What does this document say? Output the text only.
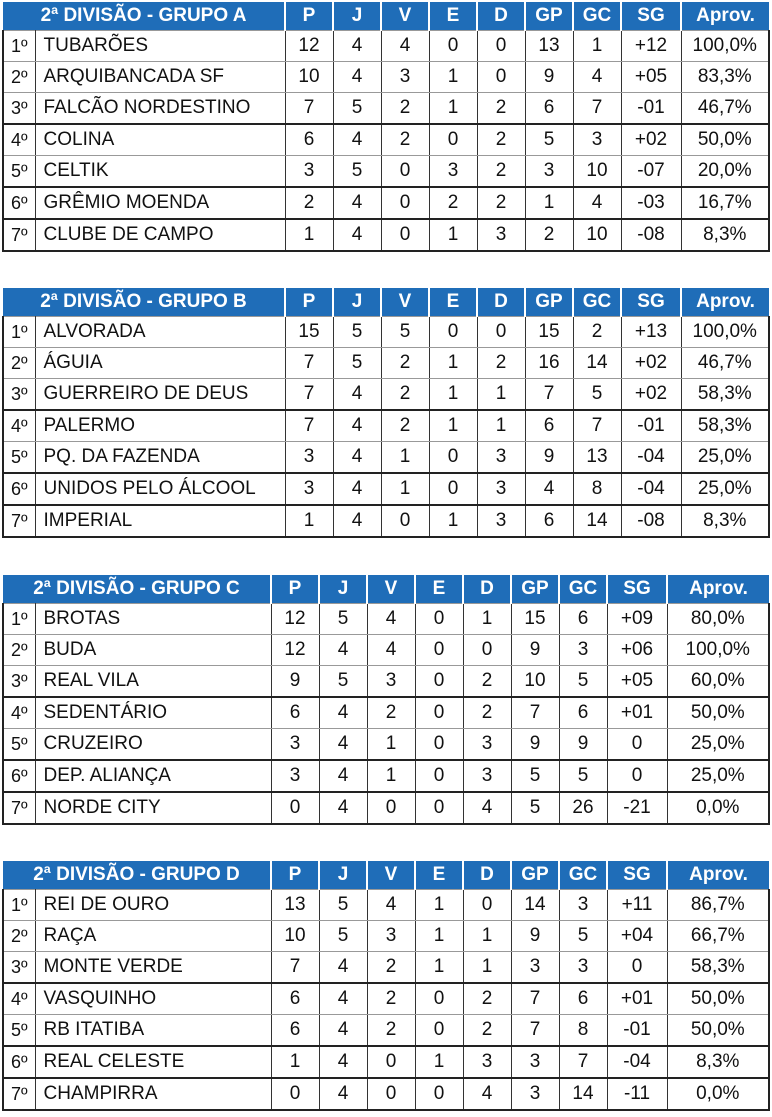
2ª DIVISÃO - GRUPO A		P	J	V	E	D	GP	GC	SG	Aprov.
1º	TUBARÕES	12	4	4	0	0	13	1	+12	100,0%
2º	ARQUIBANCADA SF	10	4	3	1	0	9	4	+05	83,3%
3º	FALCÃO NORDESTINO	7	5	2	1	2	6	7	-01	46,7%
4º	COLINA	6	4	2	0	2	5	3	+02	50,0%
5º	CELTIK	3	5	0	3	2	3	10	-07	20,0%
6º	GRÊMIO MOENDA	2	4	0	2	2	1	4	-03	16,7%
7º	CLUBE DE CAMPO	1	4	0	1	3	2	10	-08	8,3%
2ª DIVISÃO - GRUPO B		P	J	V	E	D	GP	GC	SG	Aprov.
1º	ALVORADA	15	5	5	0	0	15	2	+13	100,0%
2º	ÁGUIA	7	5	2	1	2	16	14	+02	46,7%
3º	GUERREIRO DE DEUS	7	4	2	1	1	7	5	+02	58,3%
4º	PALERMO	7	4	2	1	1	6	7	-01	58,3%
5º	PQ. DA FAZENDA	3	4	1	0	3	9	13	-04	25,0%
6º	UNIDOS PELO ÁLCOOL	3	4	1	0	3	4	8	-04	25,0%
7º	IMPERIAL	1	4	0	1	3	6	14	-08	8,3%
2ª DIVISÃO - GRUPO C		P	J	V	E	D	GP	GC	SG	Aprov.
1º	BROTAS	12	5	4	0	1	15	6	+09	80,0%
2º	BUDA	12	4	4	0	0	9	3	+06	100,0%
3º	REAL VILA	9	5	3	0	2	10	5	+05	60,0%
4º	SEDENTÁRIO	6	4	2	0	2	7	6	+01	50,0%
5º	CRUZEIRO	3	4	1	0	3	9	9	0	25,0%
6º	DEP. ALIANÇA	3	4	1	0	3	5	5	0	25,0%
7º	NORDE CITY	0	4	0	0	4	5	26	-21	0,0%
2ª DIVISÃO - GRUPO D		P	J	V	E	D	GP	GC	SG	Aprov.
1º	REI DE OURO	13	5	4	1	0	14	3	+11	86,7%
2º	RAÇA	10	5	3	1	1	9	5	+04	66,7%
3º	MONTE VERDE	7	4	2	1	1	3	3	0	58,3%
4º	VASQUINHO	6	4	2	0	2	7	6	+01	50,0%
5º	RB ITATIBA	6	4	2	0	2	7	8	-01	50,0%
6º	REAL CELESTE	1	4	0	1	3	3	7	-04	8,3%
7º	CHAMPIRRA	0	4	0	0	4	3	14	-11	0,0%
